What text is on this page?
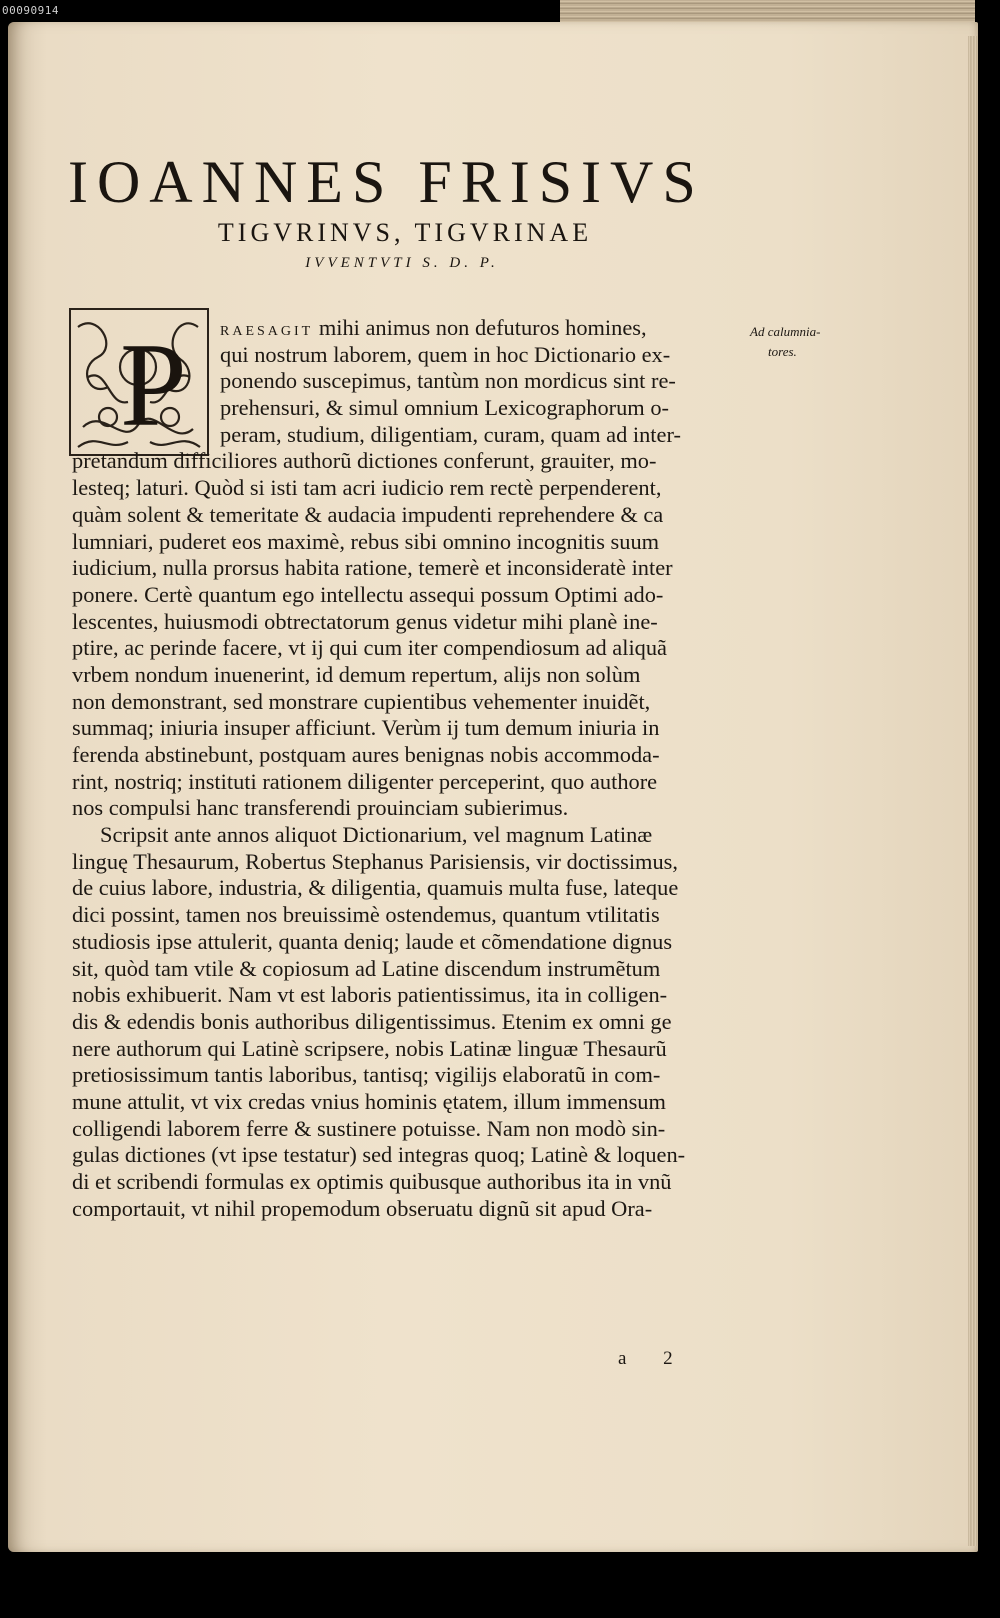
00090914
IOANNES FRISIVS
TIGVRINVS, TIGVRINAE
IVVENTVTI S. D. P.
P	Ad calumnia-
tores.
RAESAGIT mihi animus non defuturos homines,
qui nostrum laborem, quem in hoc Dictionario ex-
ponendo suscepimus, tantùm non mordicus sint re-
prehensuri, & simul omnium Lexicographorum o-
peram, studium, diligentiam, curam, quam ad inter-
pretandum difficiliores authorũ dictiones conferunt, grauiter, mo-
lesteq; laturi. Quòd si isti tam acri iudicio rem rectè perpenderent,
quàm solent & temeritate & audacia impudenti reprehendere & ca
lumniari, puderet eos maximè, rebus sibi omnino incognitis suum
iudicium, nulla prorsus habita ratione, temerè et inconsideratè inter
ponere. Certè quantum ego intellectu assequi possum Optimi ado-
lescentes, huiusmodi obtrectatorum genus videtur mihi planè ine-
ptire, ac perinde facere, vt ij qui cum iter compendiosum ad aliquã
vrbem nondum inuenerint, id demum repertum, alijs non solùm
non demonstrant, sed monstrare cupientibus vehementer inuidẽt,
summaq; iniuria insuper afficiunt. Verùm ij tum demum iniuria in
ferenda abstinebunt, postquam aures benignas nobis accommoda-
rint, nostriq; instituti rationem diligenter perceperint, quo authore
nos compulsi hanc transferendi prouinciam subierimus.
Scripsit ante annos aliquot Dictionarium, vel magnum Latinæ
linguę Thesaurum, Robertus Stephanus Parisiensis, vir doctissimus,
de cuius labore, industria, & diligentia, quamuis multa fuse, lateque
dici possint, tamen nos breuissimè ostendemus, quantum vtilitatis
studiosis ipse attulerit, quanta deniq; laude et cõmendatione dignus
sit, quòd tam vtile & copiosum ad Latine discendum instrumẽtum
nobis exhibuerit. Nam vt est laboris patientissimus, ita in colligen-
dis & edendis bonis authoribus diligentissimus. Etenim ex omni ge
nere authorum qui Latinè scripsere, nobis Latinæ linguæ Thesaurũ
pretiosissimum tantis laboribus, tantisq; vigilijs elaboratũ in com-
mune attulit, vt vix credas vnius hominis ętatem, illum immensum
colligendi laborem ferre & sustinere potuisse. Nam non modò sin-
gulas dictiones (vt ipse testatur) sed integras quoq; Latinè & loquen-
di et scribendi formulas ex optimis quibusque authoribus ita in vnũ
comportauit, vt nihil propemodum obseruatu dignũ sit apud Ora-
a 2
